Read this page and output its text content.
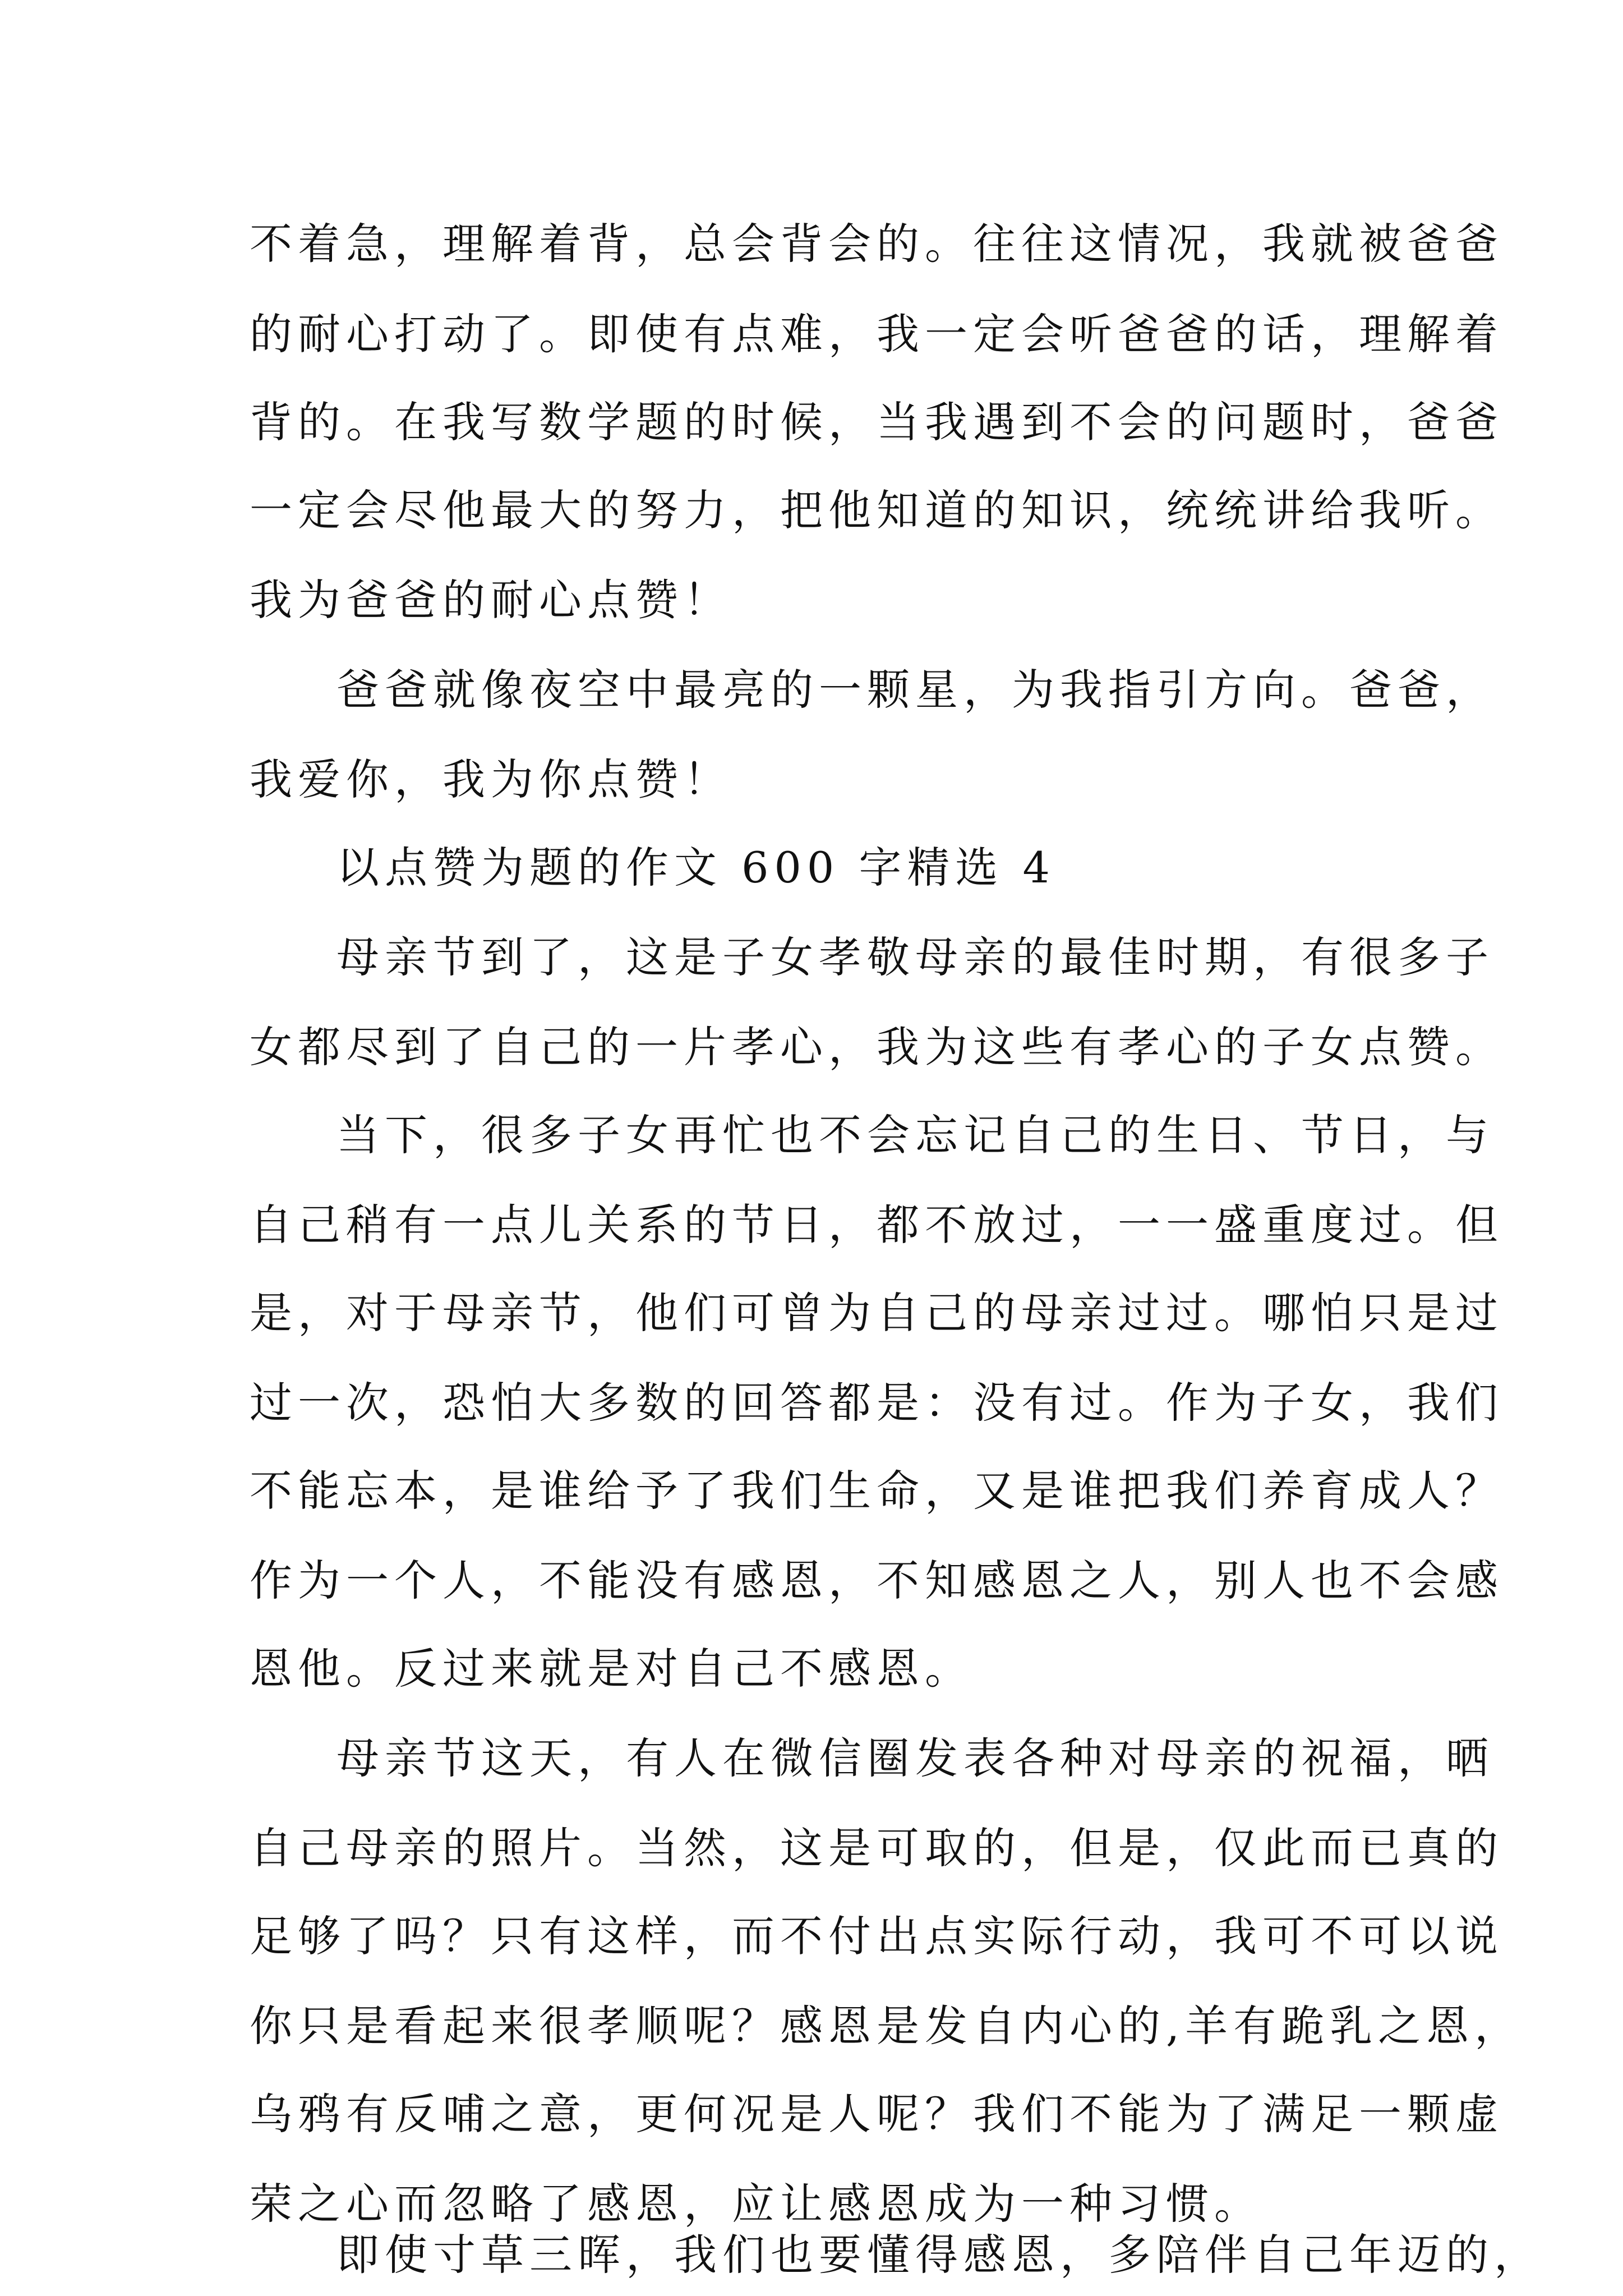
不着急，理解着背，总会背会的。往往这情况，我就被爸爸
的耐心打动了。即使有点难，我一定会听爸爸的话，理解着
背的。在我写数学题的时候，当我遇到不会的问题时，爸爸
一定会尽他最大的努力，把他知道的知识，统统讲给我听。
我为爸爸的耐心点赞！
爸爸就像夜空中最亮的一颗星，为我指引方向。爸爸，
我爱你，我为你点赞！
以点赞为题的作文 600 字精选 4
母亲节到了，这是子女孝敬母亲的最佳时期，有很多子
女都尽到了自己的一片孝心，我为这些有孝心的子女点赞。
当下，很多子女再忙也不会忘记自己的生日、节日，与
自己稍有一点儿关系的节日，都不放过，一一盛重度过。但
是，对于母亲节，他们可曾为自己的母亲过过。哪怕只是过
过一次，恐怕大多数的回答都是：没有过。作为子女，我们
不能忘本，是谁给予了我们生命，又是谁把我们养育成人？
作为一个人，不能没有感恩，不知感恩之人，别人也不会感
恩他。反过来就是对自己不感恩。
母亲节这天，有人在微信圈发表各种对母亲的祝福，晒
自己母亲的照片。当然，这是可取的，但是，仅此而已真的
足够了吗？只有这样，而不付出点实际行动，我可不可以说
你只是看起来很孝顺呢？感恩是发自内心的,羊有跪乳之恩，
乌鸦有反哺之意，更何况是人呢？我们不能为了满足一颗虚
荣之心而忽略了感恩，应让感恩成为一种习惯。
即使寸草三晖，我们也要懂得感恩，多陪伴自己年迈的，
